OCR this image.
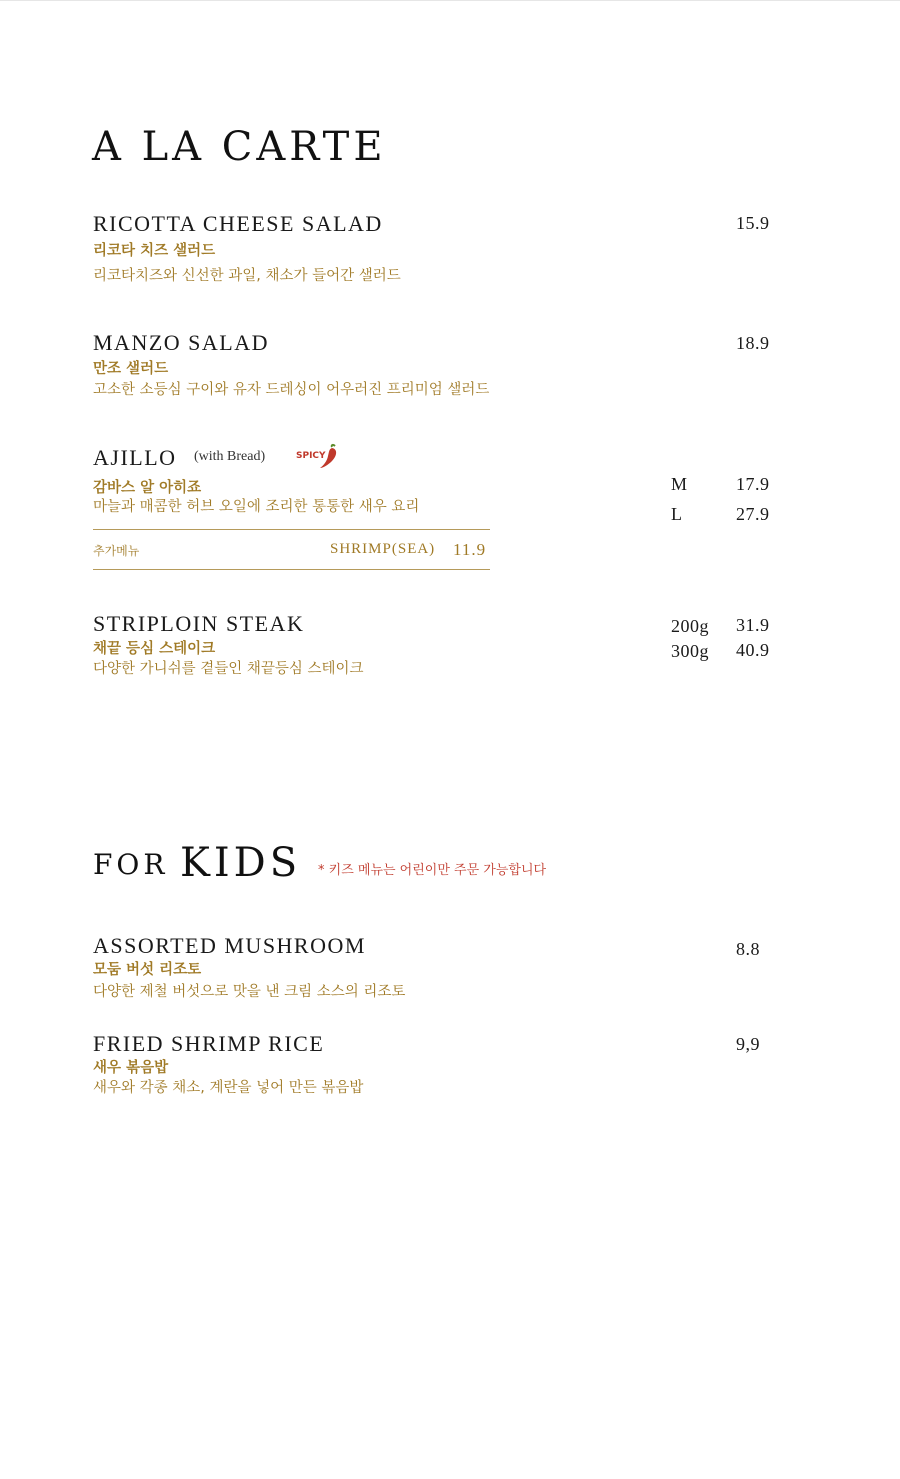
A LA CARTE
RICOTTA CHEESE SALAD	15.9
리코타 치즈 샐러드
리코타치즈와 신선한 과일, 채소가 들어간 샐러드
MANZO SALAD	18.9
만조 샐러드
고소한 소등심 구이와 유자 드레싱이 어우러진 프리미엄 샐러드
AJILLO (with Bread)	SPICY
감바스 알 아히죠
마늘과 매콤한 허브 오일에 조리한 통통한 새우 요리
M	17.9
L	27.9
추가메뉴	SHRIMP(SEA) 11.9
STRIPLOIN STEAK
채끝 등심 스테이크
다양한 가니쉬를 곁들인 채끝등심 스테이크
200g 31.9
300g 40.9
FOR KIDS * 키즈 메뉴는 어린이만 주문 가능합니다
ASSORTED MUSHROOM	8.8
모둠 버섯 리조토
다양한 제철 버섯으로 맛을 낸 크림 소스의 리조토
FRIED SHRIMP RICE	9,9
새우 볶음밥
새우와 각종 채소, 계란을 넣어 만든 볶음밥
